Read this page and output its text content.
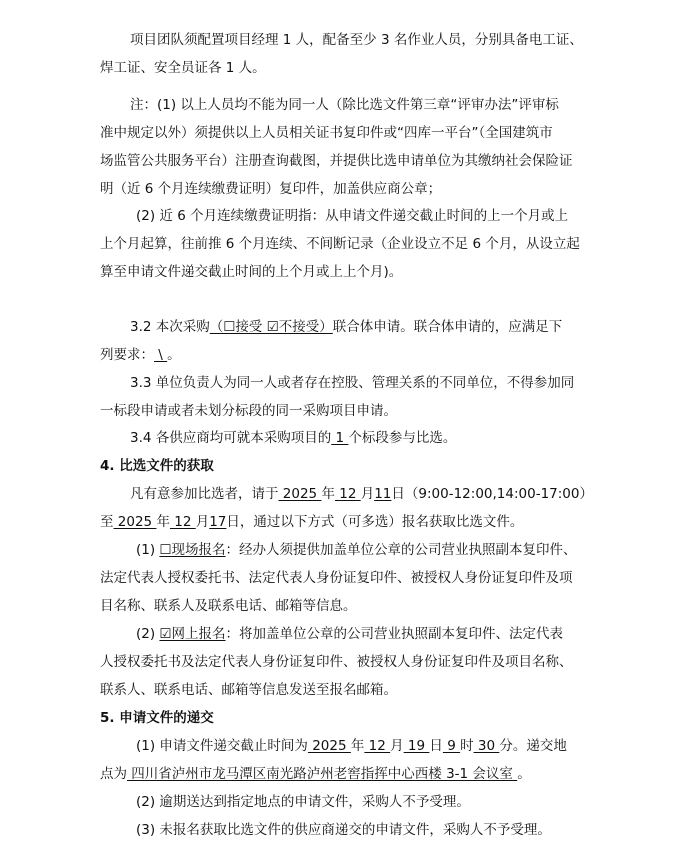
项目团队须配置项目经理 1 人，配备至少 3 名作业人员，分别具备电工证、
焊工证、安全员证各 1 人。
注：(1) 以上人员均不能为同一人（除比选文件第三章“评审办法”评审标
准中规定以外）须提供以上人员相关证书复印件或“四库一平台”（全国建筑市
场监管公共服务平台）注册查询截图，并提供比选申请单位为其缴纳社会保险证
明（近 6 个月连续缴费证明）复印件，加盖供应商公章；
(2) 近 6 个月连续缴费证明指：从申请文件递交截止时间的上一个月或上
上个月起算，往前推 6 个月连续、不间断记录（企业设立不足 6 个月，从设立起
算至申请文件递交截止时间的上个月或上上个月)。
3.2 本次采购（☐接受 ☑不接受）联合体申请。联合体申请的，应满足下
列要求： \ 。
3.3 单位负责人为同一人或者存在控股、管理关系的不同单位，不得参加同
一标段申请或者未划分标段的同一采购项目申请。
3.4 各供应商均可就本采购项目的 1 个标段参与比选。
4. 比选文件的获取
凡有意参加比选者，请于 2025 年 12 月11日（9:00-12:00,14:00-17:00）
至 2025 年 12 月17日，通过以下方式（可多选）报名获取比选文件。
(1) ☐现场报名：经办人须提供加盖单位公章的公司营业执照副本复印件、
法定代表人授权委托书、法定代表人身份证复印件、被授权人身份证复印件及项
目名称、联系人及联系电话、邮箱等信息。
(2) ☑网上报名：将加盖单位公章的公司营业执照副本复印件、法定代表
人授权委托书及法定代表人身份证复印件、被授权人身份证复印件及项目名称、
联系人、联系电话、邮箱等信息发送至报名邮箱。
5. 申请文件的递交
(1) 申请文件递交截止时间为 2025 年 12 月 19 日 9 时 30 分。递交地
点为 四川省泸州市龙马潭区南光路泸州老窖指挥中心西楼 3-1 会议室 。
(2) 逾期送达到指定地点的申请文件，采购人不予受理。
(3) 未报名获取比选文件的供应商递交的申请文件，采购人不予受理。
